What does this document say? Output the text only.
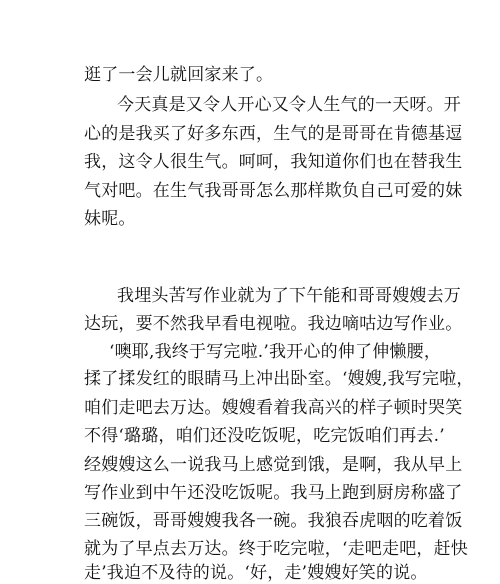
逛了一会儿就回家来了。
今天真是又令人开心又令人生气的一天呀。开
心的是我买了好多东西，生气的是哥哥在肯德基逗
我，这令人很生气。呵呵，我知道你们也在替我生
气对吧。在生气我哥哥怎么那样欺负自己可爱的妹
妹呢。
我埋头苦写作业就为了下午能和哥哥嫂嫂去万
达玩，要不然我早看电视啦。我边嘀咕边写作业。
‘噢耶,我终于写完啦.’我开心的伸了伸懒腰，
揉了揉发红的眼睛马上冲出卧室。‘嫂嫂,我写完啦，
咱们走吧去万达。嫂嫂看着我高兴的样子顿时哭笑
不得‘璐璐，咱们还没吃饭呢，吃完饭咱们再去.’
经嫂嫂这么一说我马上感觉到饿，是啊，我从早上
写作业到中午还没吃饭呢。我马上跑到厨房称盛了
三碗饭，哥哥嫂嫂我各一碗。我狼吞虎咽的吃着饭
就为了早点去万达。终于吃完啦，‘走吧走吧，赶快
走’我迫不及待的说。‘好，走’嫂嫂好笑的说。
